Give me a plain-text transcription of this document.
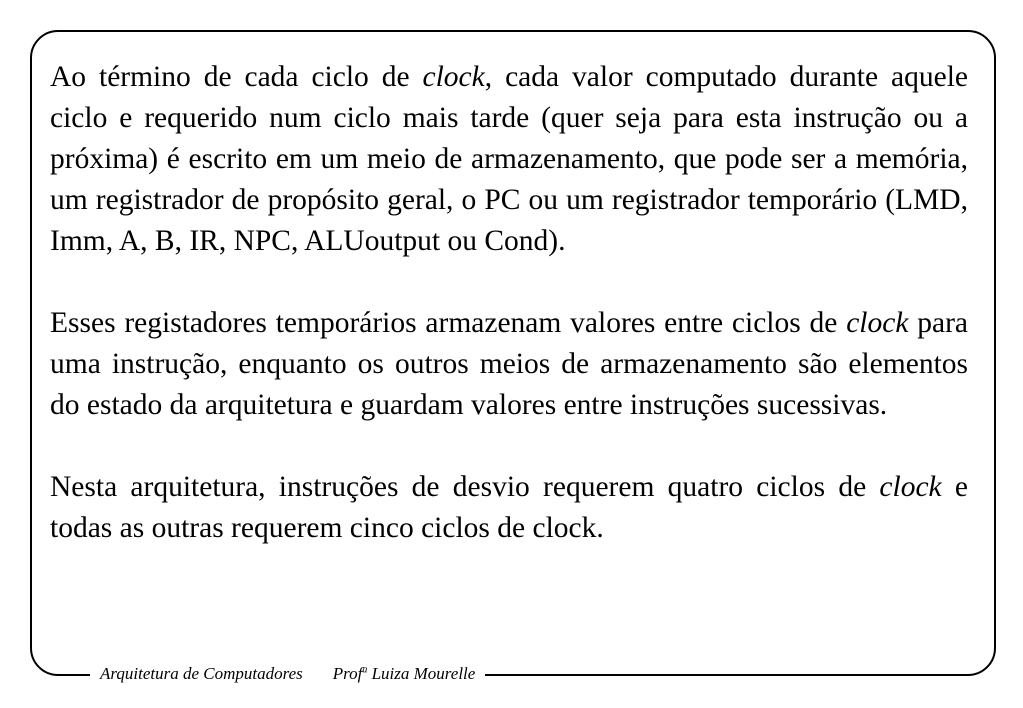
Ao término de cada ciclo de clock, cada valor computado durante aquele ciclo e requerido num ciclo mais tarde (quer seja para esta instrução ou a próxima) é escrito em um meio de armazenamento, que pode ser a memória, um registrador de propósito geral, o PC ou um registrador temporário (LMD, Imm, A, B, IR, NPC, ALUoutput ou Cond).

Esses registadores temporários armazenam valores entre ciclos de clock para uma instrução, enquanto os outros meios de armazenamento são elementos do estado da arquitetura e guardam valores entre instruções sucessivas.

Nesta arquitetura, instruções de desvio requerem quatro ciclos de clock e todas as outras requerem cinco ciclos de clock.

Arquitetura de Computadores Prof$^a$ Luiza Mourelle
